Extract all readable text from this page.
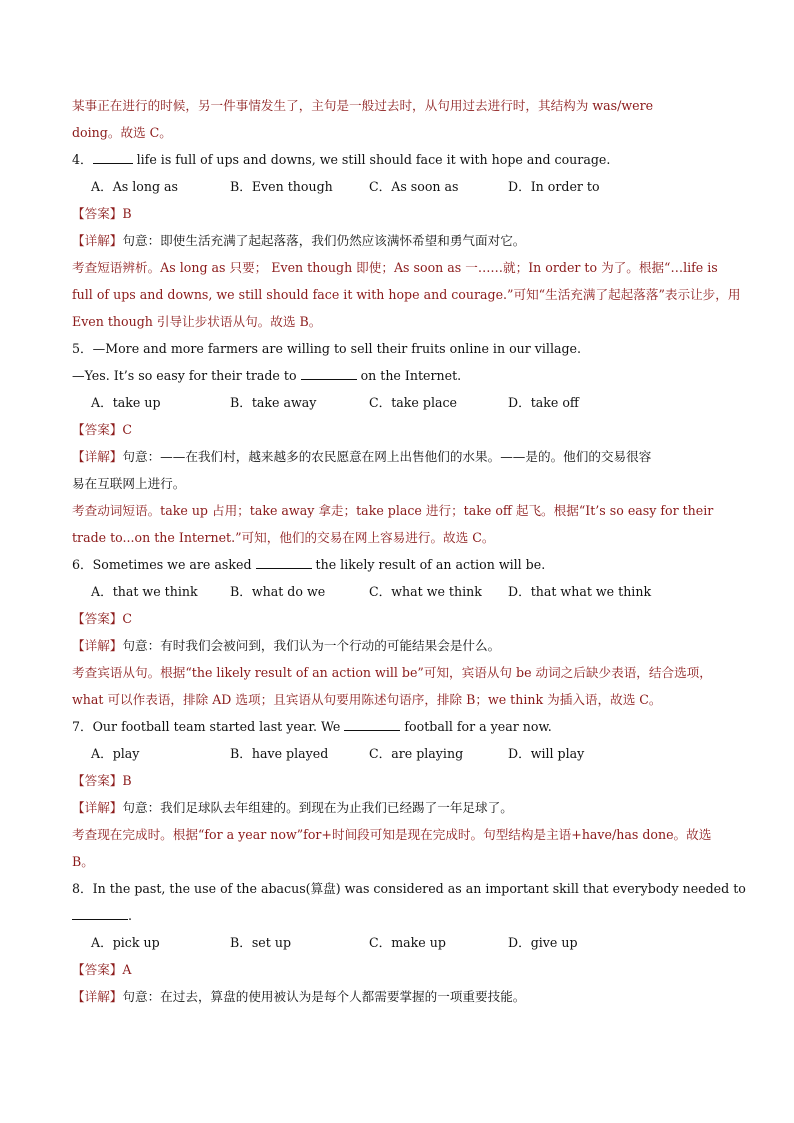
某事正在进行的时候，另一件事情发生了，主句是一般过去时，从句用过去进行时，其结构为 was/were
doing。故选 C。
4．	life is full of ups and downs, we still should face it with hope and courage.
A．As long as	B．Even though	C．As soon as	D．In order to
【答案】B
【详解】句意：即使生活充满了起起落落，我们仍然应该满怀希望和勇气面对它。
考查短语辨析。As long as 只要； Even though 即使；As soon as 一……就；In order to 为了。根据“…life is
full of ups and downs, we still should face it with hope and courage.”可知“生活充满了起起落落”表示让步，用
Even though 引导让步状语从句。故选 B。
5．—More and more farmers are willing to sell their fruits online in our village.
—Yes. It’s so easy for their trade to	on the Internet.
A．take up	B．take away	C．take place	D．take off
【答案】C
【详解】句意：——在我们村，越来越多的农民愿意在网上出售他们的水果。——是的。他们的交易很容
易在互联网上进行。
考查动词短语。take up 占用；take away 拿走；take place 进行；take off 起飞。根据“It’s so easy for their
trade to...on the Internet.”可知，他们的交易在网上容易进行。故选 C。
6．Sometimes we are asked	the likely result of an action will be.
A．that we think	B．what do we	C．what we think D．that what we think
【答案】C
【详解】句意：有时我们会被问到，我们认为一个行动的可能结果会是什么。
考查宾语从句。根据“the likely result of an action will be”可知，宾语从句 be 动词之后缺少表语，结合选项，
what 可以作表语，排除 AD 选项；且宾语从句要用陈述句语序，排除 B；we think 为插入语，故选 C。
7．Our football team started last year. We	football for a year now.
A．play	B．have played	C．are playing	D．will play
【答案】B
【详解】句意：我们足球队去年组建的。到现在为止我们已经踢了一年足球了。
考查现在完成时。根据“for a year now”for+时间段可知是现在完成时。句型结构是主语+have/has done。故选
B。
8．In the past, the use of the abacus(算盘) was considered as an important skill that everybody needed to
.
A．pick up	B．set up	C．make up	D．give up
【答案】A
【详解】句意：在过去，算盘的使用被认为是每个人都需要掌握的一项重要技能。
